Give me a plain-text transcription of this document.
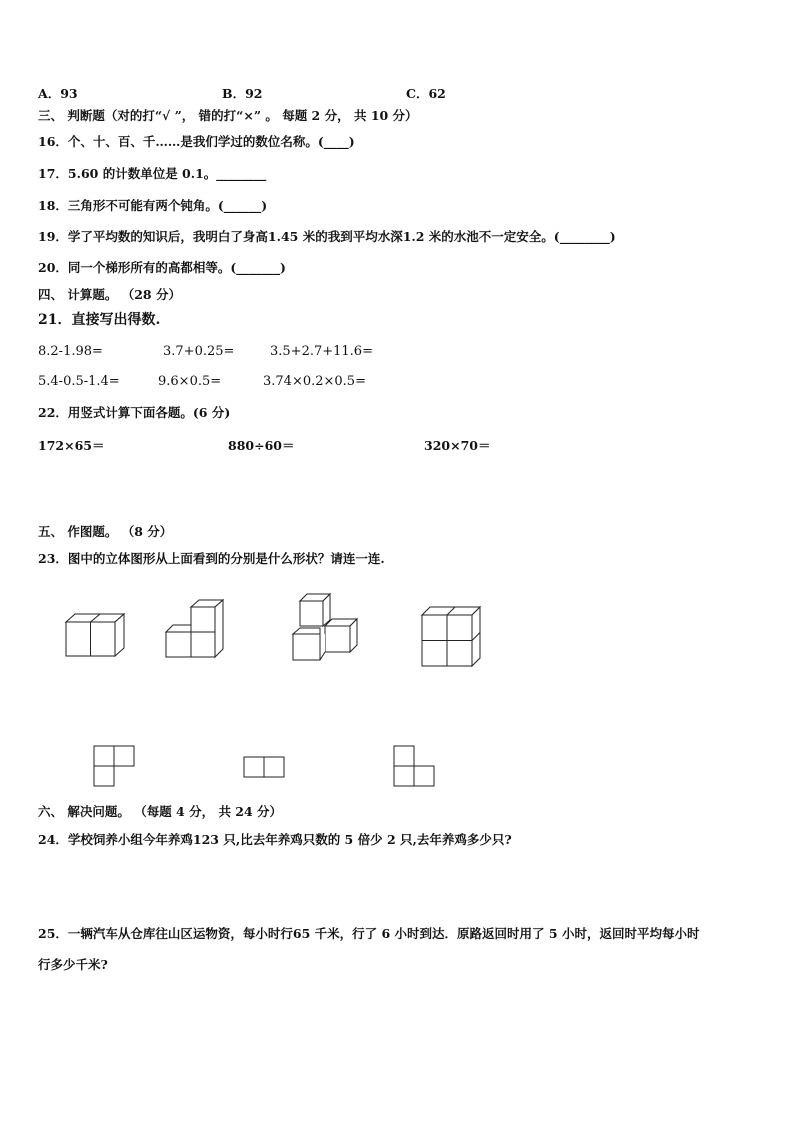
A．93	B．92	C．62
三、 判断题（对的打“√ ”， 错的打“×” 。 每题 2 分， 共 10 分）
16．个、十、百、千……是我们学过的数位名称。(____)
17．5.60 的计数单位是 0.1。________
18．三角形不可能有两个钝角。(______)
19．学了平均数的知识后，我明白了身高1.45 米的我到平均水深1.2 米的水池不一定安全。(________)
20．同一个梯形所有的高都相等。(_______)
四、 计算题。 （28 分）
21．直接写出得数.
8.2-1.98=	3.7+0.25=	3.5+2.7+11.6=
5.4-0.5-1.4=	9.6×0.5=	3.74×0.2×0.5=
22．用竖式计算下面各题。(6 分)
172×65＝	880÷60＝	320×70＝
五、 作图题。 （8 分）
23．图中的立体图形从上面看到的分别是什么形状？请连一连.
六、 解决问题。 （每题 4 分， 共 24 分）
24．学校饲养小组今年养鸡123 只,比去年养鸡只数的 5 倍少 2 只,去年养鸡多少只?
25．一辆汽车从仓库往山区运物资，每小时行65 千米，行了 6 小时到达．原路返回时用了 5 小时，返回时平均每小时
行多少千米?
